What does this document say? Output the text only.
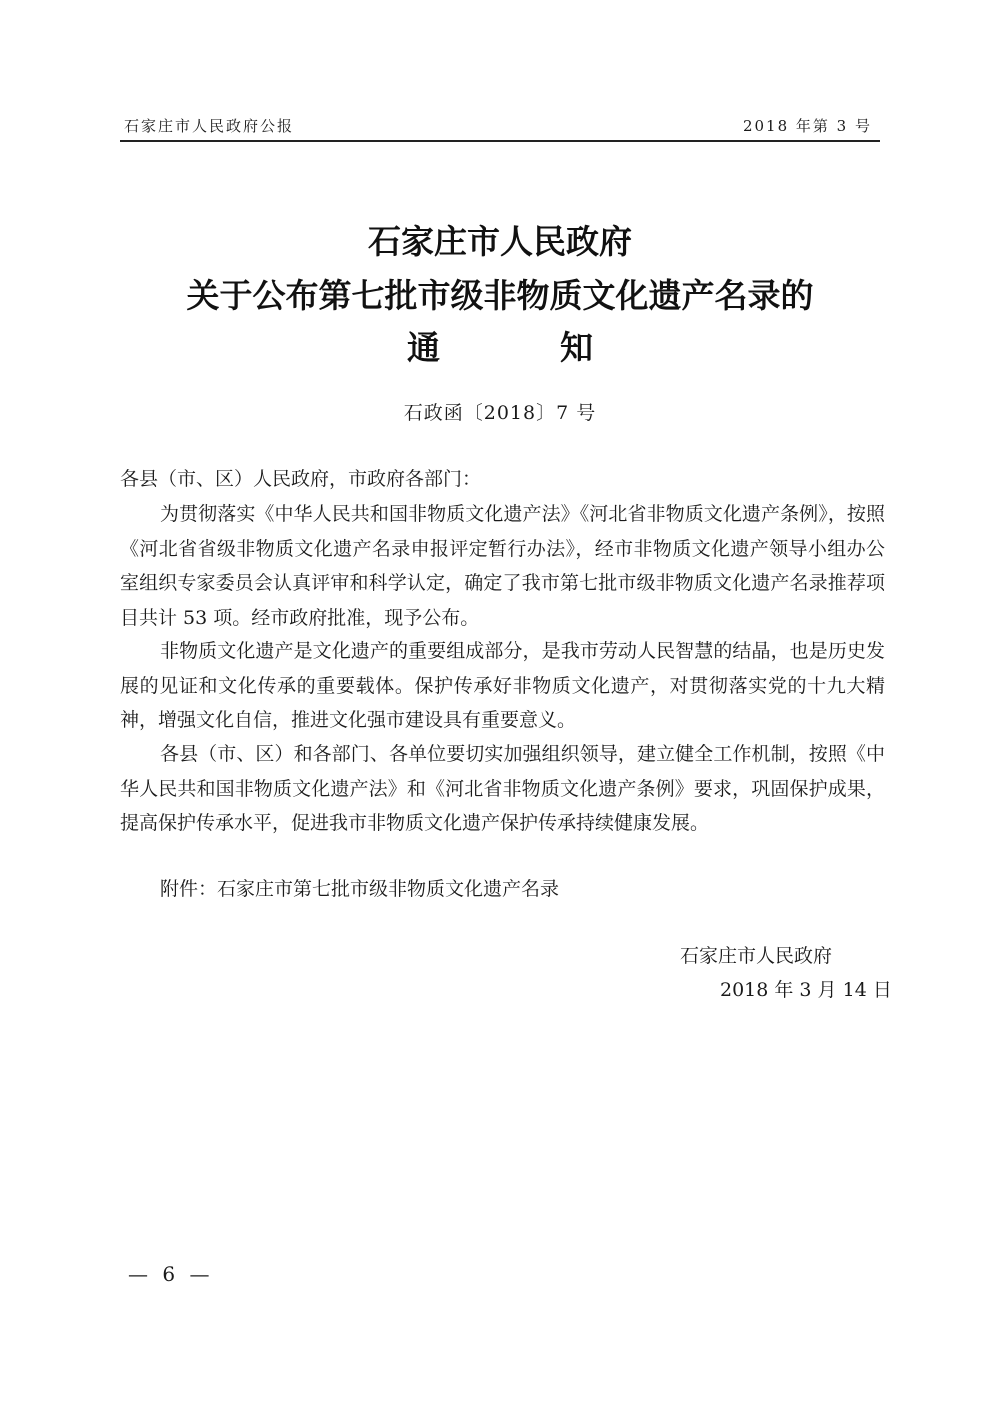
石家庄市人民政府公报	2018 年第 3 号
石家庄市人民政府
关于公布第七批市级非物质文化遗产名录的
通知
石政函〔2018〕7 号
各县（市、区）人民政府，市政府各部门：
为贯彻落实《中华人民共和国非物质文化遗产法》《河北省非物质文化遗产条例》，按照《河北省省级非物质文化遗产名录申报评定暂行办法》，经市非物质文化遗产领导小组办公室组织专家委员会认真评审和科学认定，确定了我市第七批市级非物质文化遗产名录推荐项目共计 53 项。经市政府批准，现予公布。
非物质文化遗产是文化遗产的重要组成部分，是我市劳动人民智慧的结晶，也是历史发展的见证和文化传承的重要载体。保护传承好非物质文化遗产，对贯彻落实党的十九大精神，增强文化自信，推进文化强市建设具有重要意义。
各县（市、区）和各部门、各单位要切实加强组织领导，建立健全工作机制，按照《中华人民共和国非物质文化遗产法》和《河北省非物质文化遗产条例》要求，巩固保护成果，提高保护传承水平，促进我市非物质文化遗产保护传承持续健康发展。
附件：石家庄市第七批市级非物质文化遗产名录
石家庄市人民政府
2018 年 3 月 14 日
— 6 —
